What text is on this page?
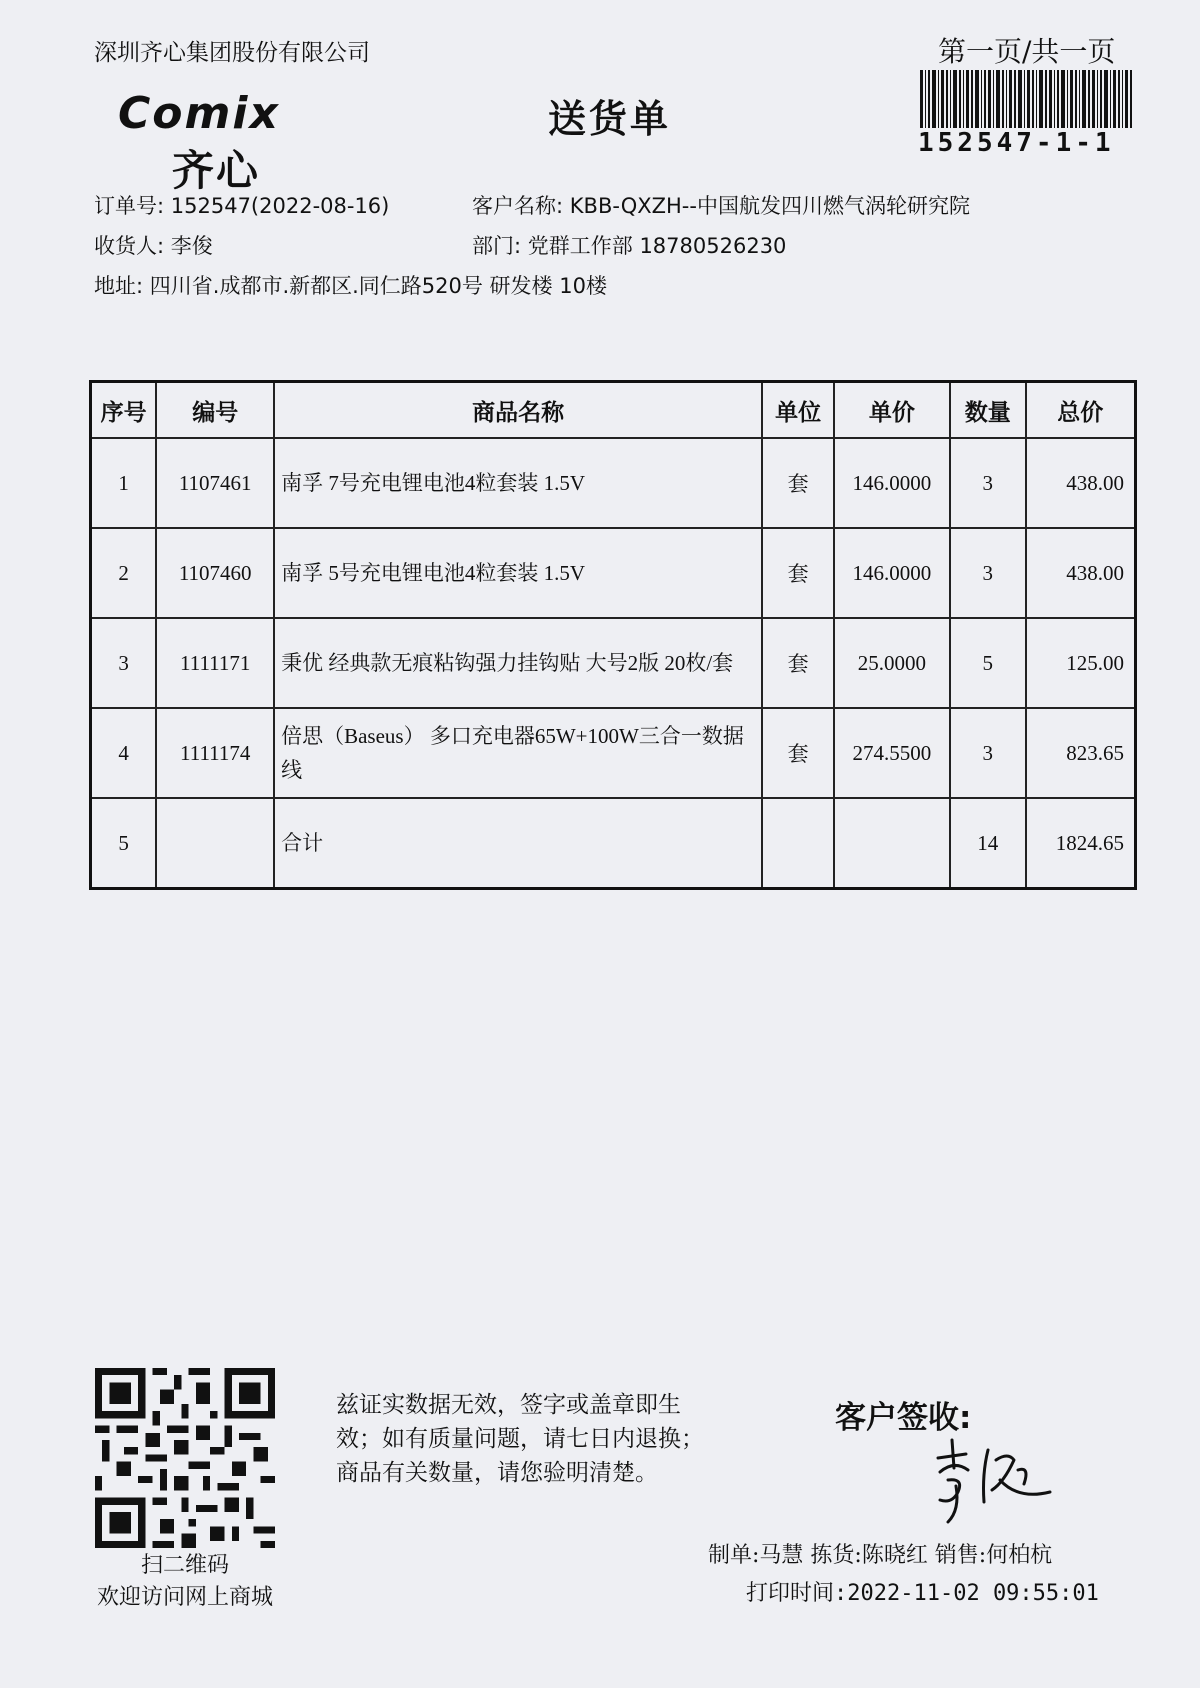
深圳齐心集团股份有限公司	第一页/共一页
152547-1-1
Comix
齐心
送货单
订单号: 152547(2022-08-16)	客户名称: KBB-QXZH--中国航发四川燃气涡轮研究院
收货人: 李俊	部门: 党群工作部 18780526230
地址: 四川省.成都市.新都区.同仁路520号 研发楼 10楼
序号	编号	商品名称	单位	单价	数量	总价
1	1107461	南孚 7号充电锂电池4粒套装 1.5V	套	146.0000	3	438.00
2	1107460	南孚 5号充电锂电池4粒套装 1.5V	套	146.0000	3	438.00
3	1111171	秉优 经典款无痕粘钩强力挂钩贴 大号2版 20枚/套	套	25.0000	5	125.00
4	1111174	倍思（Baseus） 多口充电器65W+100W三合一数据线	套	274.5500	3	823.65
5		合计			14	1824.65
扫二维码
欢迎访问网上商城
兹证实数据无效，签字或盖章即生
效；如有质量问题，请七日内退换；
商品有关数量，请您验明清楚。
客户签收:
制单:马慧 拣货:陈晓红 销售:何柏杭
打印时间:2022-11-02 09:55:01
